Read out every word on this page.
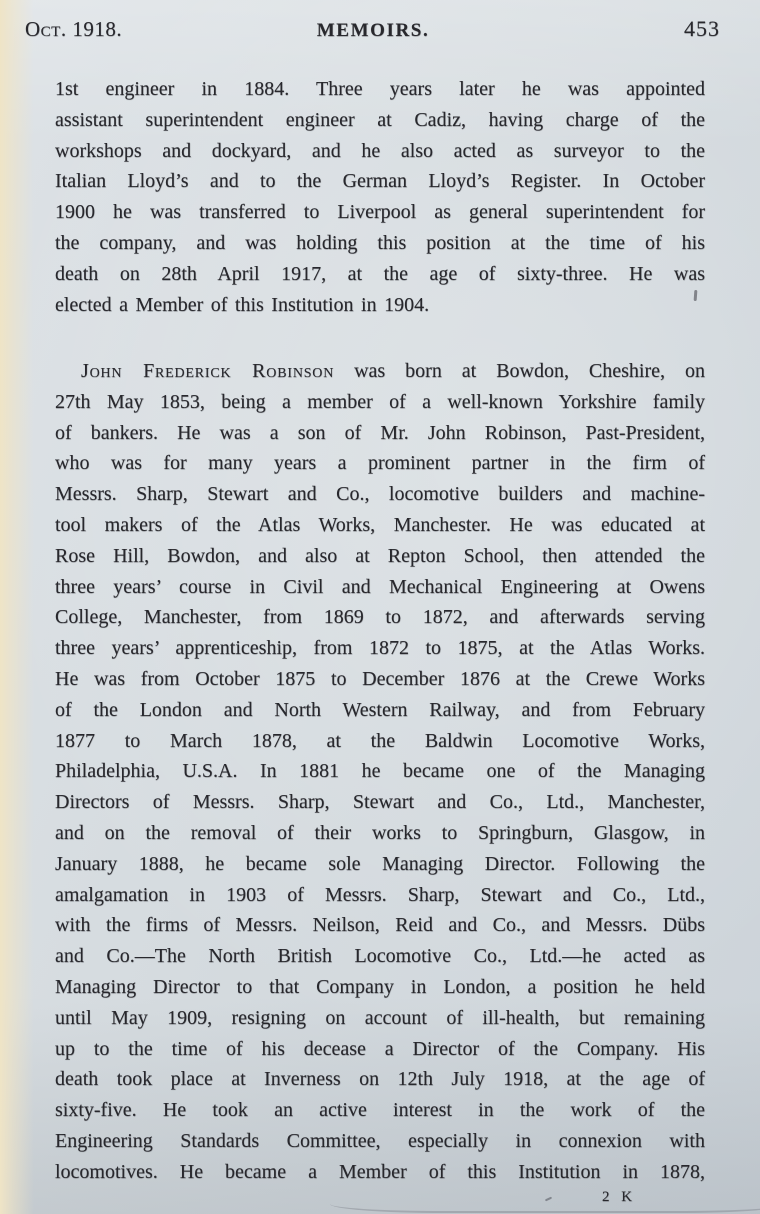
Oct. 1918.	MEMOIRS.	453
1st engineer in 1884. Three years later he was appointed
assistant superintendent engineer at Cadiz, having charge of the
workshops and dockyard, and he also acted as surveyor to the
Italian Lloyd’s and to the German Lloyd’s Register. In October
1900 he was transferred to Liverpool as general superintendent for
the company, and was holding this position at the time of his
death on 28th April 1917, at the age of sixty-three. He was
elected a Member of this Institution in 1904.
John Frederick Robinson was born at Bowdon, Cheshire, on
27th May 1853, being a member of a well-known Yorkshire family
of bankers. He was a son of Mr. John Robinson, Past-President,
who was for many years a prominent partner in the firm of
Messrs. Sharp, Stewart and Co., locomotive builders and machine-
tool makers of the Atlas Works, Manchester. He was educated at
Rose Hill, Bowdon, and also at Repton School, then attended the
three years’ course in Civil and Mechanical Engineering at Owens
College, Manchester, from 1869 to 1872, and afterwards serving
three years’ apprenticeship, from 1872 to 1875, at the Atlas Works.
He was from October 1875 to December 1876 at the Crewe Works
of the London and North Western Railway, and from February
1877 to March 1878, at the Baldwin Locomotive Works,
Philadelphia, U.S.A. In 1881 he became one of the Managing
Directors of Messrs. Sharp, Stewart and Co., Ltd., Manchester,
and on the removal of their works to Springburn, Glasgow, in
January 1888, he became sole Managing Director. Following the
amalgamation in 1903 of Messrs. Sharp, Stewart and Co., Ltd.,
with the firms of Messrs. Neilson, Reid and Co., and Messrs. Dübs
and Co.—The North British Locomotive Co., Ltd.—he acted as
Managing Director to that Company in London, a position he held
until May 1909, resigning on account of ill-health, but remaining
up to the time of his decease a Director of the Company. His
death took place at Inverness on 12th July 1918, at the age of
sixty-five. He took an active interest in the work of the
Engineering Standards Committee, especially in connexion with
locomotives. He became a Member of this Institution in 1878,
2 K
